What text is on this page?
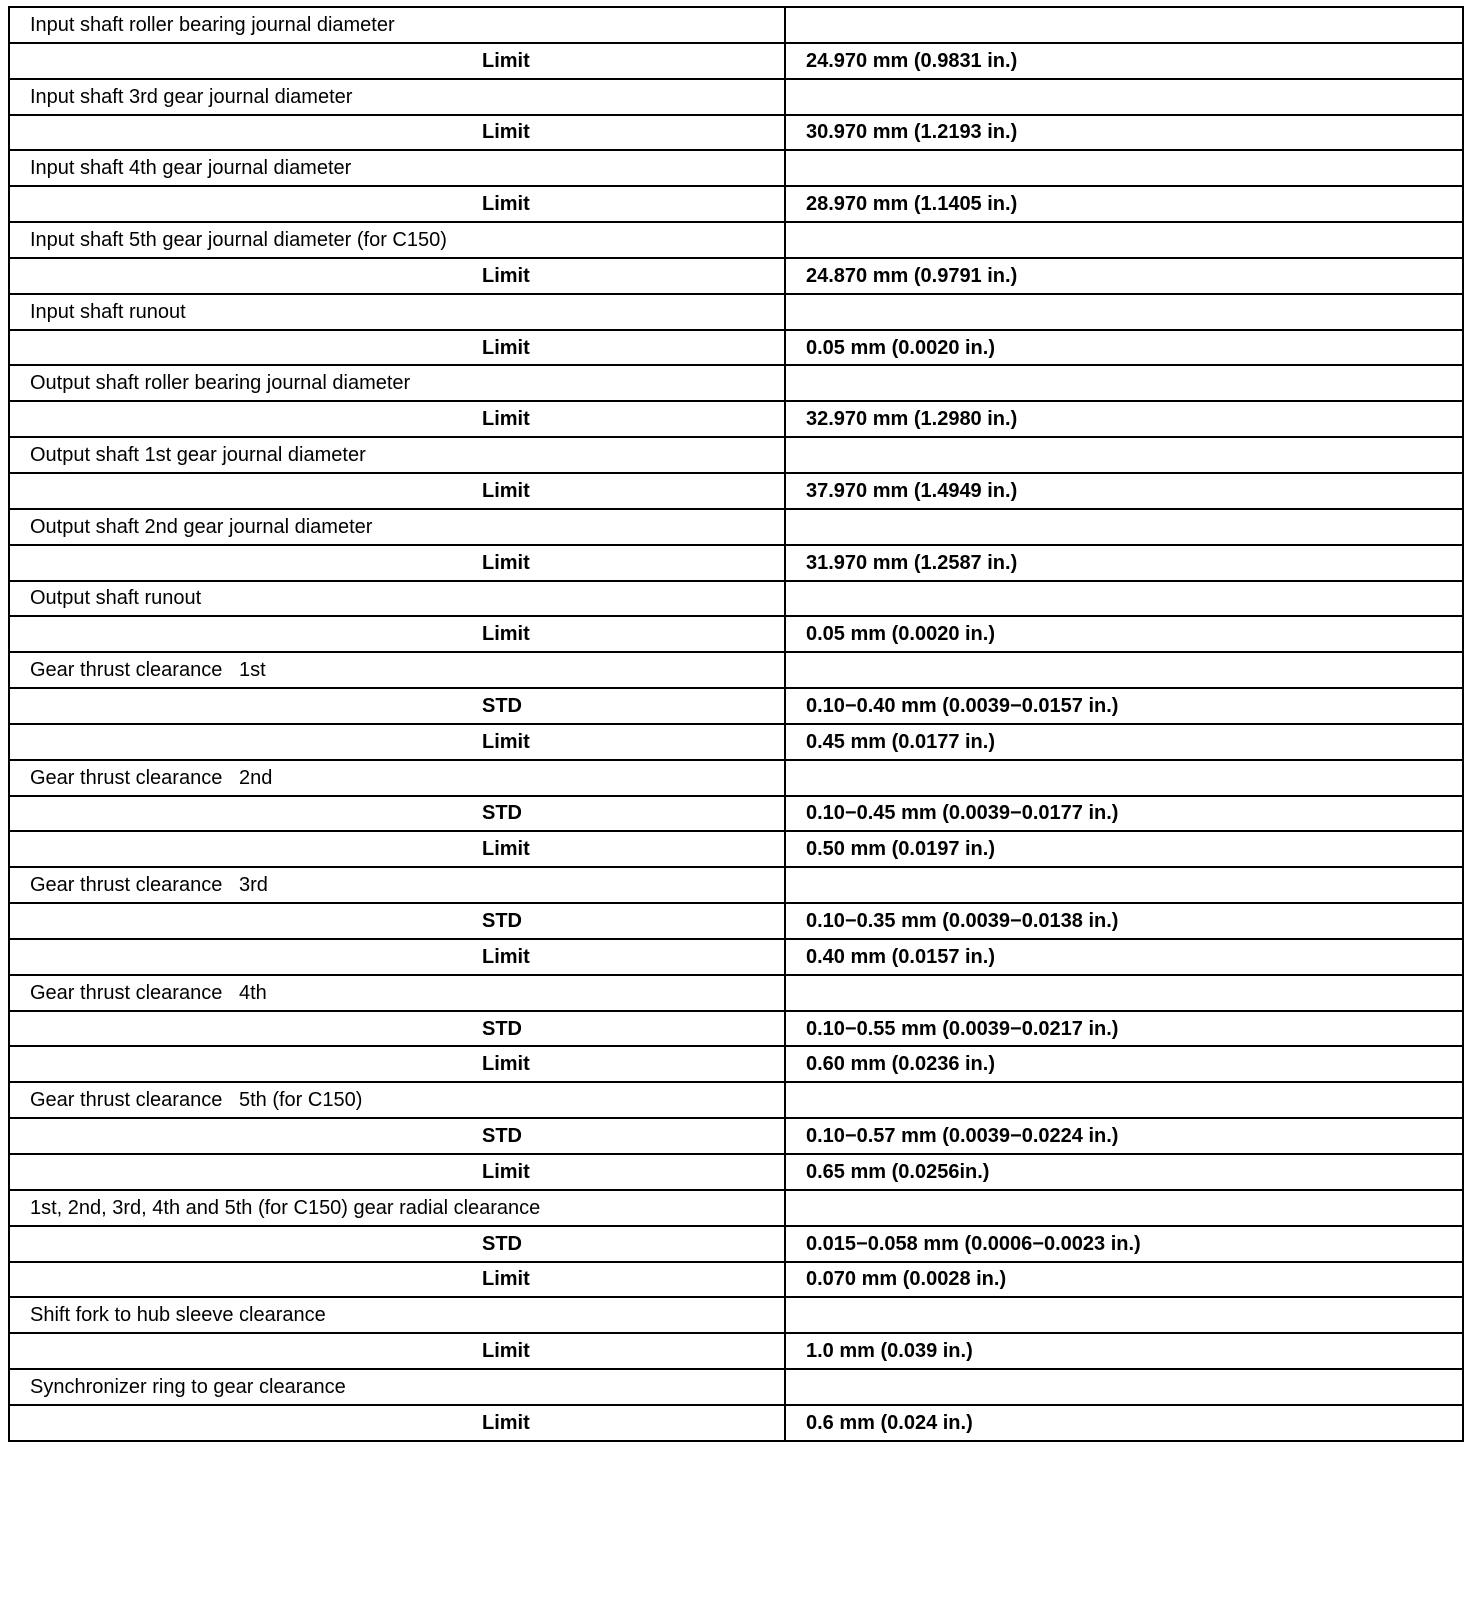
Input shaft roller bearing journal diameter	
Limit	24.970 mm (0.9831 in.)
Input shaft 3rd gear journal diameter	
Limit	30.970 mm (1.2193 in.)
Input shaft 4th gear journal diameter	
Limit	28.970 mm (1.1405 in.)
Input shaft 5th gear journal diameter (for C150)	
Limit	24.870 mm (0.9791 in.)
Input shaft runout	
Limit	0.05 mm (0.0020 in.)
Output shaft roller bearing journal diameter	
Limit	32.970 mm (1.2980 in.)
Output shaft 1st gear journal diameter	
Limit	37.970 mm (1.4949 in.)
Output shaft 2nd gear journal diameter	
Limit	31.970 mm (1.2587 in.)
Output shaft runout	
Limit	0.05 mm (0.0020 in.)
Gear thrust clearance   1st	
STD	0.10−0.40 mm (0.0039−0.0157 in.)
Limit	0.45 mm (0.0177 in.)
Gear thrust clearance   2nd	
STD	0.10−0.45 mm (0.0039−0.0177 in.)
Limit	0.50 mm (0.0197 in.)
Gear thrust clearance   3rd	
STD	0.10−0.35 mm (0.0039−0.0138 in.)
Limit	0.40 mm (0.0157 in.)
Gear thrust clearance   4th	
STD	0.10−0.55 mm (0.0039−0.0217 in.)
Limit	0.60 mm (0.0236 in.)
Gear thrust clearance   5th (for C150)	
STD	0.10−0.57 mm (0.0039−0.0224 in.)
Limit	0.65 mm (0.0256in.)
1st, 2nd, 3rd, 4th and 5th (for C150) gear radial clearance	
STD	0.015−0.058 mm (0.0006−0.0023 in.)
Limit	0.070 mm (0.0028 in.)
Shift fork to hub sleeve clearance	
Limit	1.0 mm (0.039 in.)
Synchronizer ring to gear clearance	
Limit	0.6 mm (0.024 in.)
